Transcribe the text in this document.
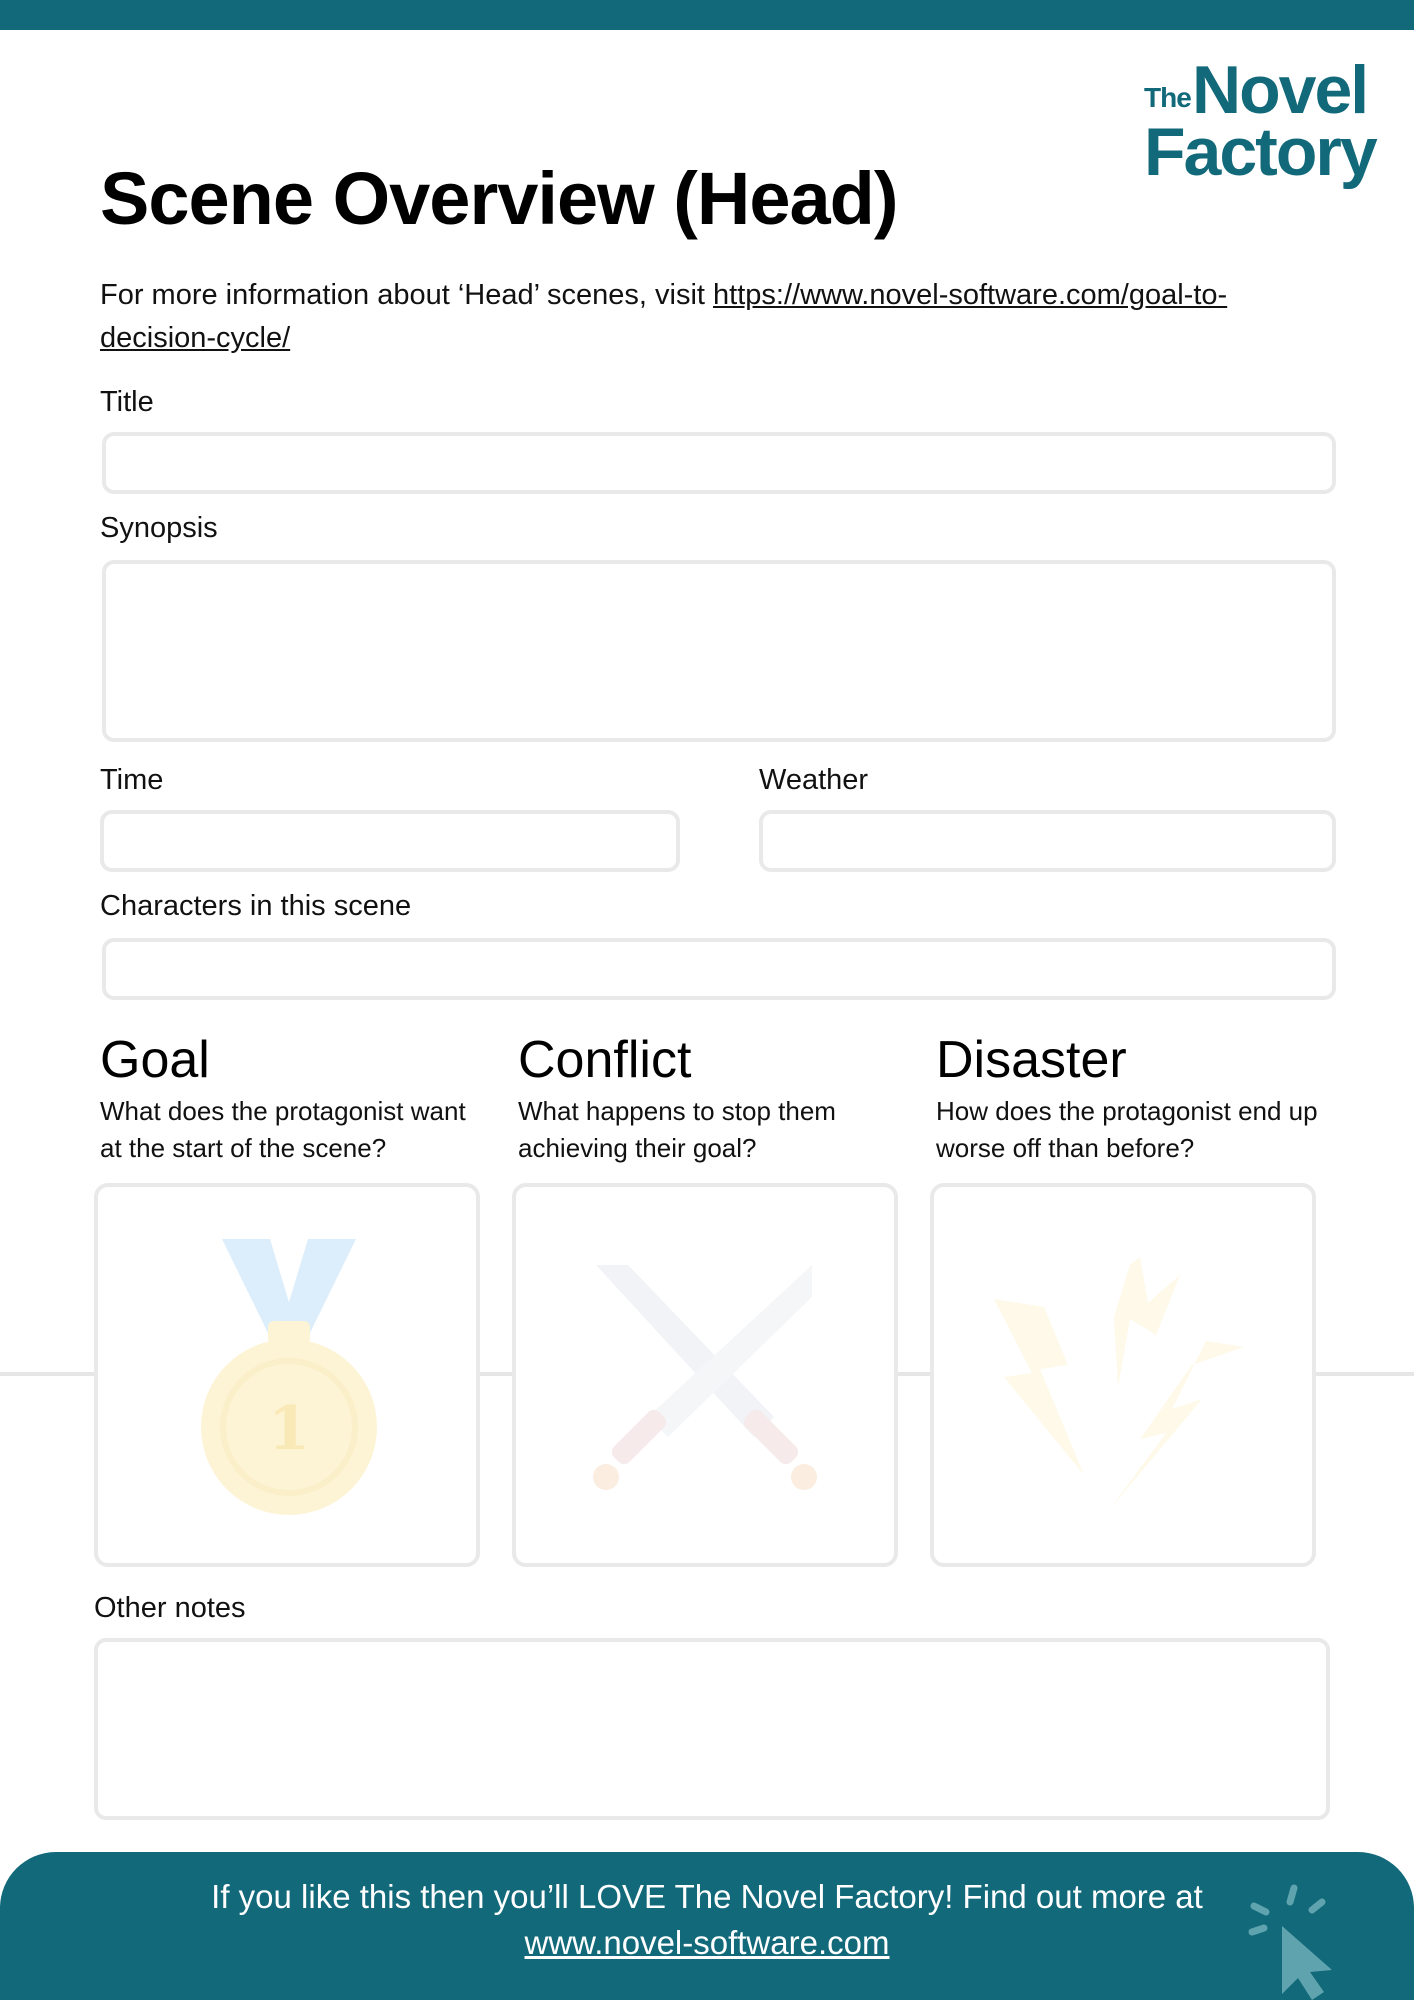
The Novel
Factory
Scene Overview (Head)
For more information about ‘Head’ scenes, visit https://www.novel-software.com/goal-to-decision-cycle/
Title
Synopsis
Time	Weather
Characters in this scene
Goal
What does the protagonist want at the start of the scene?
1
Conflict
What happens to stop them achieving their goal?
Disaster
How does the protagonist end up worse off than before?
Other notes
If you like this then you’ll LOVE The Novel Factory! Find out more at
www.novel-software.com
